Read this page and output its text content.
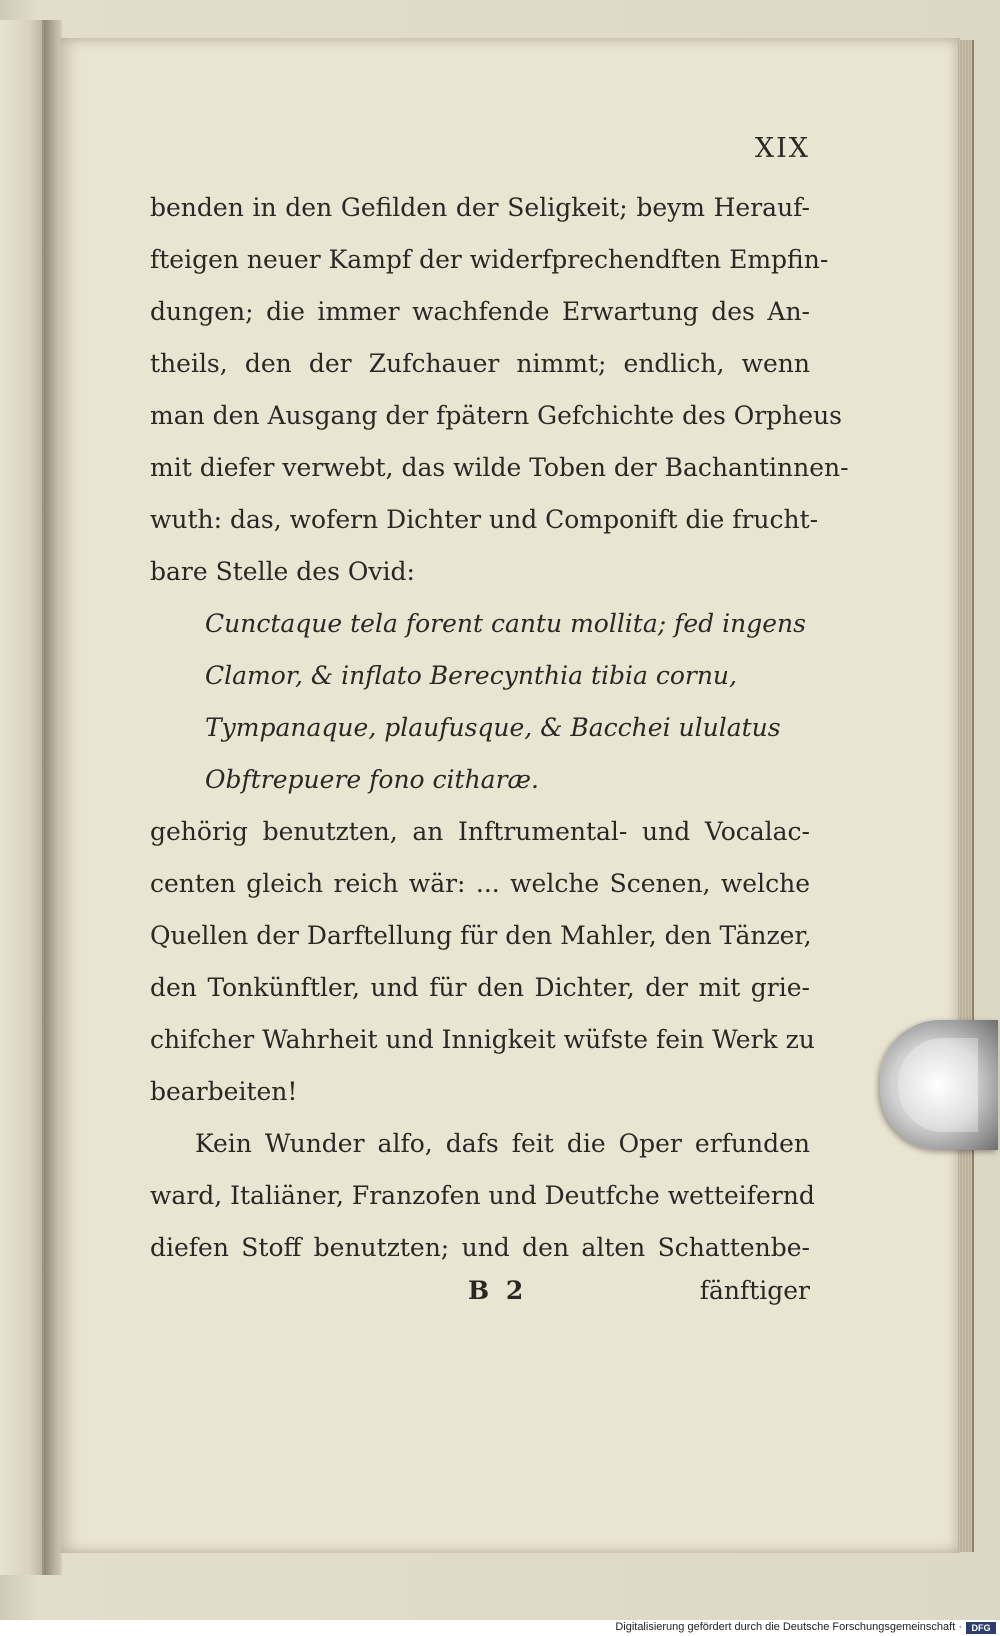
XIX
benden in den Gefilden der Seligkeit; beym Herauf-
fteigen neuer Kampf der widerfprechendften Empfin-
dungen; die immer wachfende Erwartung des An-
theils, den der Zufchauer nimmt; endlich, wenn
man den Ausgang der fpätern Gefchichte des Orpheus
mit diefer verwebt, das wilde Toben der Bachantinnen-
wuth: das, wofern Dichter und Componift die frucht-
bare Stelle des Ovid:
Cunctaque tela forent cantu mollita; fed ingens
Clamor, & inflato Berecynthia tibia cornu,
Tympanaque, plaufusque, & Bacchei ululatus
Obftrepuere fono citharæ.
gehörig benutzten, an Inftrumental- und Vocalac-
centen gleich reich wär: ... welche Scenen, welche
Quellen der Darftellung für den Mahler, den Tänzer,
den Tonkünftler, und für den Dichter, der mit grie-
chifcher Wahrheit und Innigkeit wüfste fein Werk zu
bearbeiten!
Kein Wunder alfo, dafs feit die Oper erfunden
ward, Italiäner, Franzofen und Deutfche wetteifernd
diefen Stoff benutzten; und den alten Schattenbe-
B 2	fänftiger
Digitalisierung gefördert durch die Deutsche Forschungsgemeinschaft ·	DFG
